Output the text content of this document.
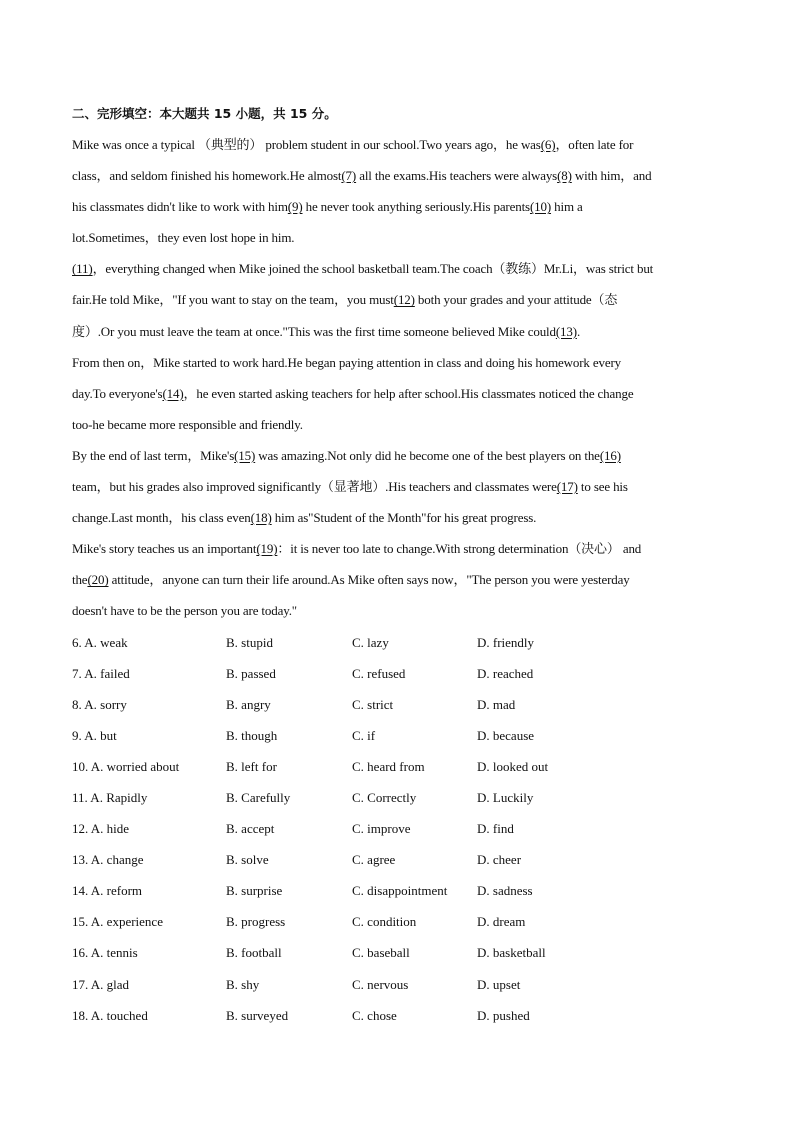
二、完形填空：本大题共 15 小题，共 15 分。
Mike was once a typical （典型的） problem student in our school.Two years ago，he was(6)，often late for
class，and seldom finished his homework.He almost(7) all the exams.His teachers were always(8) with him，and
his classmates didn't like to work with him(9) he never took anything seriously.His parents(10) him a
lot.Sometimes，they even lost hope in him.
(11)，everything changed when Mike joined the school basketball team.The coach（教练）Mr.Li，was strict but
fair.He told Mike，"If you want to stay on the team，you must(12) both your grades and your attitude（态
度）.Or you must leave the team at once."This was the first time someone believed Mike could(13).
From then on，Mike started to work hard.He began paying attention in class and doing his homework every
day.To everyone's(14)，he even started asking teachers for help after school.His classmates noticed the change
too-he became more responsible and friendly.
By the end of last term，Mike's(15) was amazing.Not only did he become one of the best players on the(16)
team，but his grades also improved significantly（显著地）.His teachers and classmates were(17) to see his
change.Last month，his class even(18) him as"Student of the Month"for his great progress.
Mike's story teaches us an important(19)：it is never too late to change.With strong determination（决心） and
the(20) attitude，anyone can turn their life around.As Mike often says now，"The person you were yesterday
doesn't have to be the person you are today."
6. A. weak	B. stupid	C. lazy	D. friendly
7. A. failed	B. passed	C. refused	D. reached
8. A. sorry	B. angry	C. strict	D. mad
9. A. but	B. though	C. if	D. because
10. A. worried about	B. left for	C. heard from	D. looked out
11. A. Rapidly	B. Carefully	C. Correctly	D. Luckily
12. A. hide	B. accept	C. improve	D. find
13. A. change	B. solve	C. agree	D. cheer
14. A. reform	B. surprise	C. disappointment D. sadness
15. A. experience	B. progress	C. condition	D. dream
16. A. tennis	B. football	C. baseball	D. basketball
17. A. glad	B. shy	C. nervous	D. upset
18. A. touched	B. surveyed	C. chose	D. pushed
